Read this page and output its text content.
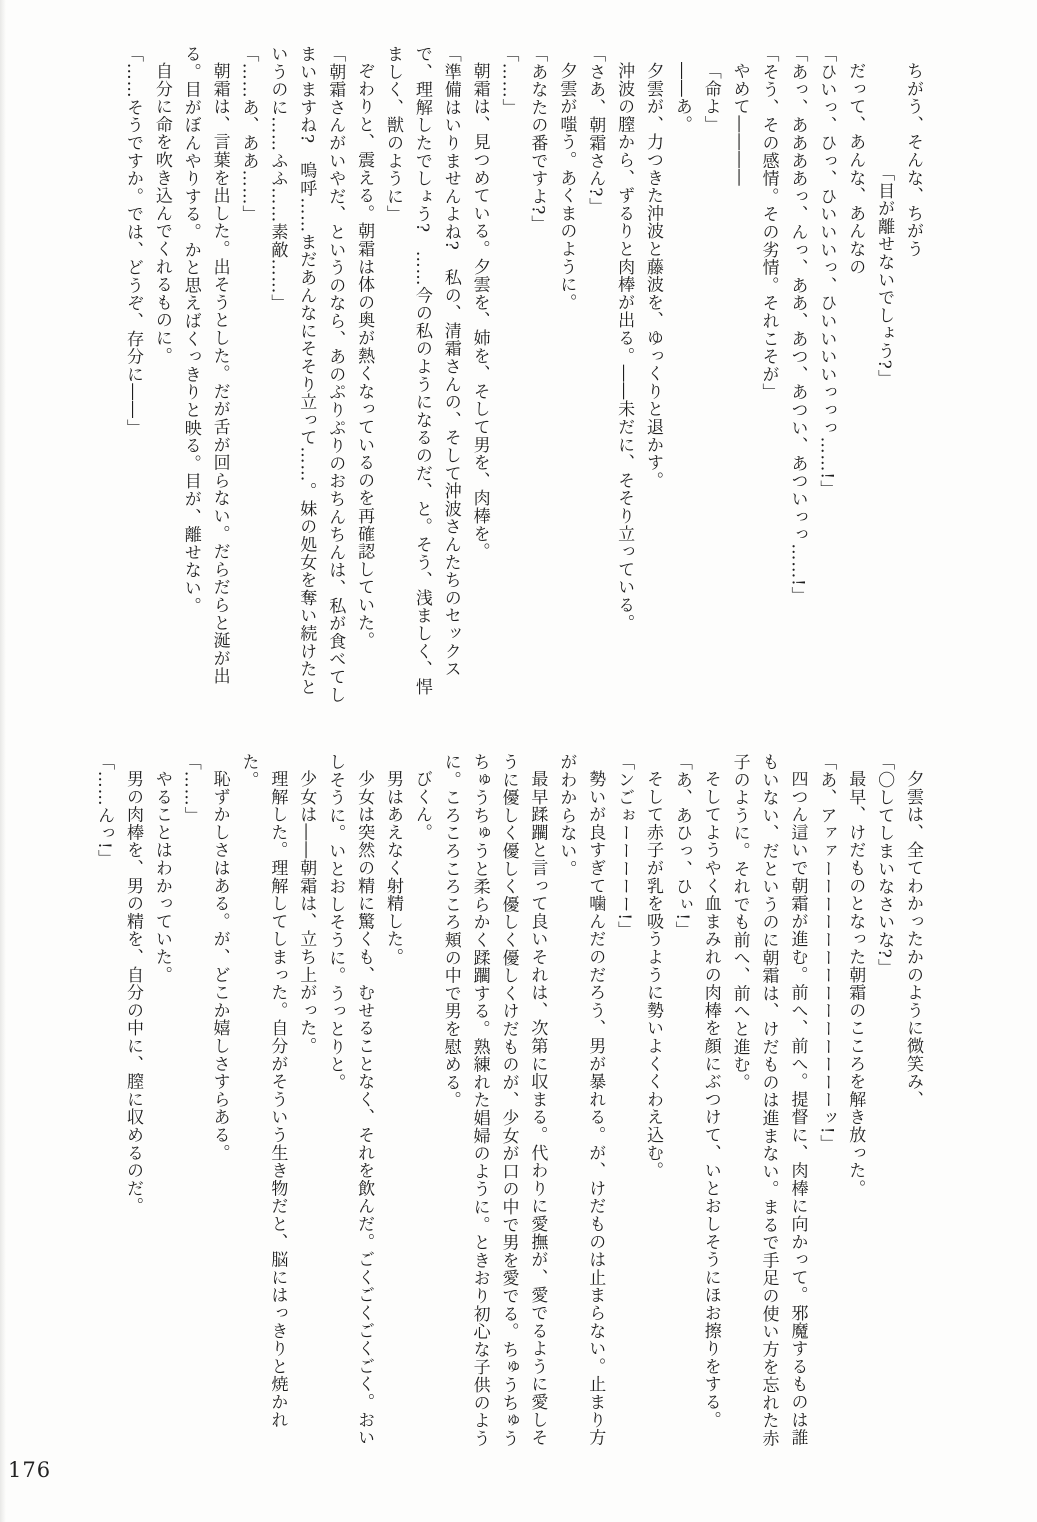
ちがう、そんな、ちがう

「目が離せないでしょう?」

だって、あんな、あんなの

「ひいっ、ひっ、ひいいいっ、ひいいいいっっっ……!」

「あっ、ああああっ、んっ、ああ、あつ、あつい、あついっっ……!」

「そう、その感情。その劣情。それこそが」

やめて――――

「命よ」

――あ。

夕雲が、力つきた沖波と藤波を、ゆっくりと退かす。

沖波の膣から、ずるりと肉棒が出る。――未だに、そそり立っている。

「さあ、朝霜さん?」

夕雲が嗤う。あくまのように。

「あなたの番ですよ?」

「……」

朝霜は、見つめている。夕雲を、姉を、そして男を、肉棒を。

「準備はいりませんよね?　私の、清霜さんの、そして沖波さんたちのセックスで、理解したでしょう?　……今の私のようになるのだ、と。そう、浅ましく、悍ましく、獣のように」

ぞわりと、震える。朝霜は体の奥が熱くなっているのを再確認していた。

「朝霜さんがいやだ、というのなら、あのぷりぷりのおちんちんは、私が食べてしまいますね?　嗚呼……まだあんなにそそり立って……。妹の処女を奪い続けたというのに……ふふ……素敵……」

「……あ、ああ……」

朝霜は、言葉を出した。出そうとした。だが舌が回らない。だらだらと涎が出る。目がぼんやりする。かと思えばくっきりと映る。目が、離せない。

自分に命を吹き込んでくれるものに。

「……そうですか。では、どうぞ、存分に――」

夕雲は、全てわかったかのように微笑み、

「〇してしまいなさいな?」

最早、けだものとなった朝霜のこころを解き放った。

「あ、アァァーーーーーーーーーーーーーーッ!」

四つん這いで朝霜が進む。前へ、前へ。提督に、肉棒に向かって。邪魔するものは誰もいない、だというのに朝霜は、けだものは進まない。まるで手足の使い方を忘れた赤子のように。それでも前へ、前へと進む。

そしてようやく血まみれの肉棒を顔にぶつけて、いとおしそうにほお擦りをする。

「あ、あひっ、ひぃ!」

そして赤子が乳を吸うように勢いよくくわえ込む。

「ンごぉーーーーー!」

勢いが良すぎて噛んだのだろう、男が暴れる。が、けだものは止まらない。止まり方がわからない。

最早蹂躙と言って良いそれは、次第に収まる。代わりに愛撫が、愛でるように愛しそうに優しく優しく優しく優しくけだものが、少女が口の中で男を愛でる。ちゅうちゅうちゅうちゅうと柔らかく蹂躙する。熟練れた娼婦のように。ときおり初心な子供のように。ころころころころ頬の中で男を慰める。

びくん。

男はあえなく射精した。

少女は突然の精に驚くも、むせることなく、それを飲んだ。ごくごくごくごく。おいしそうに。いとおしそうに。うっとりと。

少女は――朝霜は、立ち上がった。

理解した。理解してしまった。自分がそういう生き物だと、脳にはっきりと焼かれた。

恥ずかしさはある。が、どこか嬉しさすらある。

「……」

やることはわかっていた。

男の肉棒を、男の精を、自分の中に、膣に収めるのだ。

「……んっ!」

176
